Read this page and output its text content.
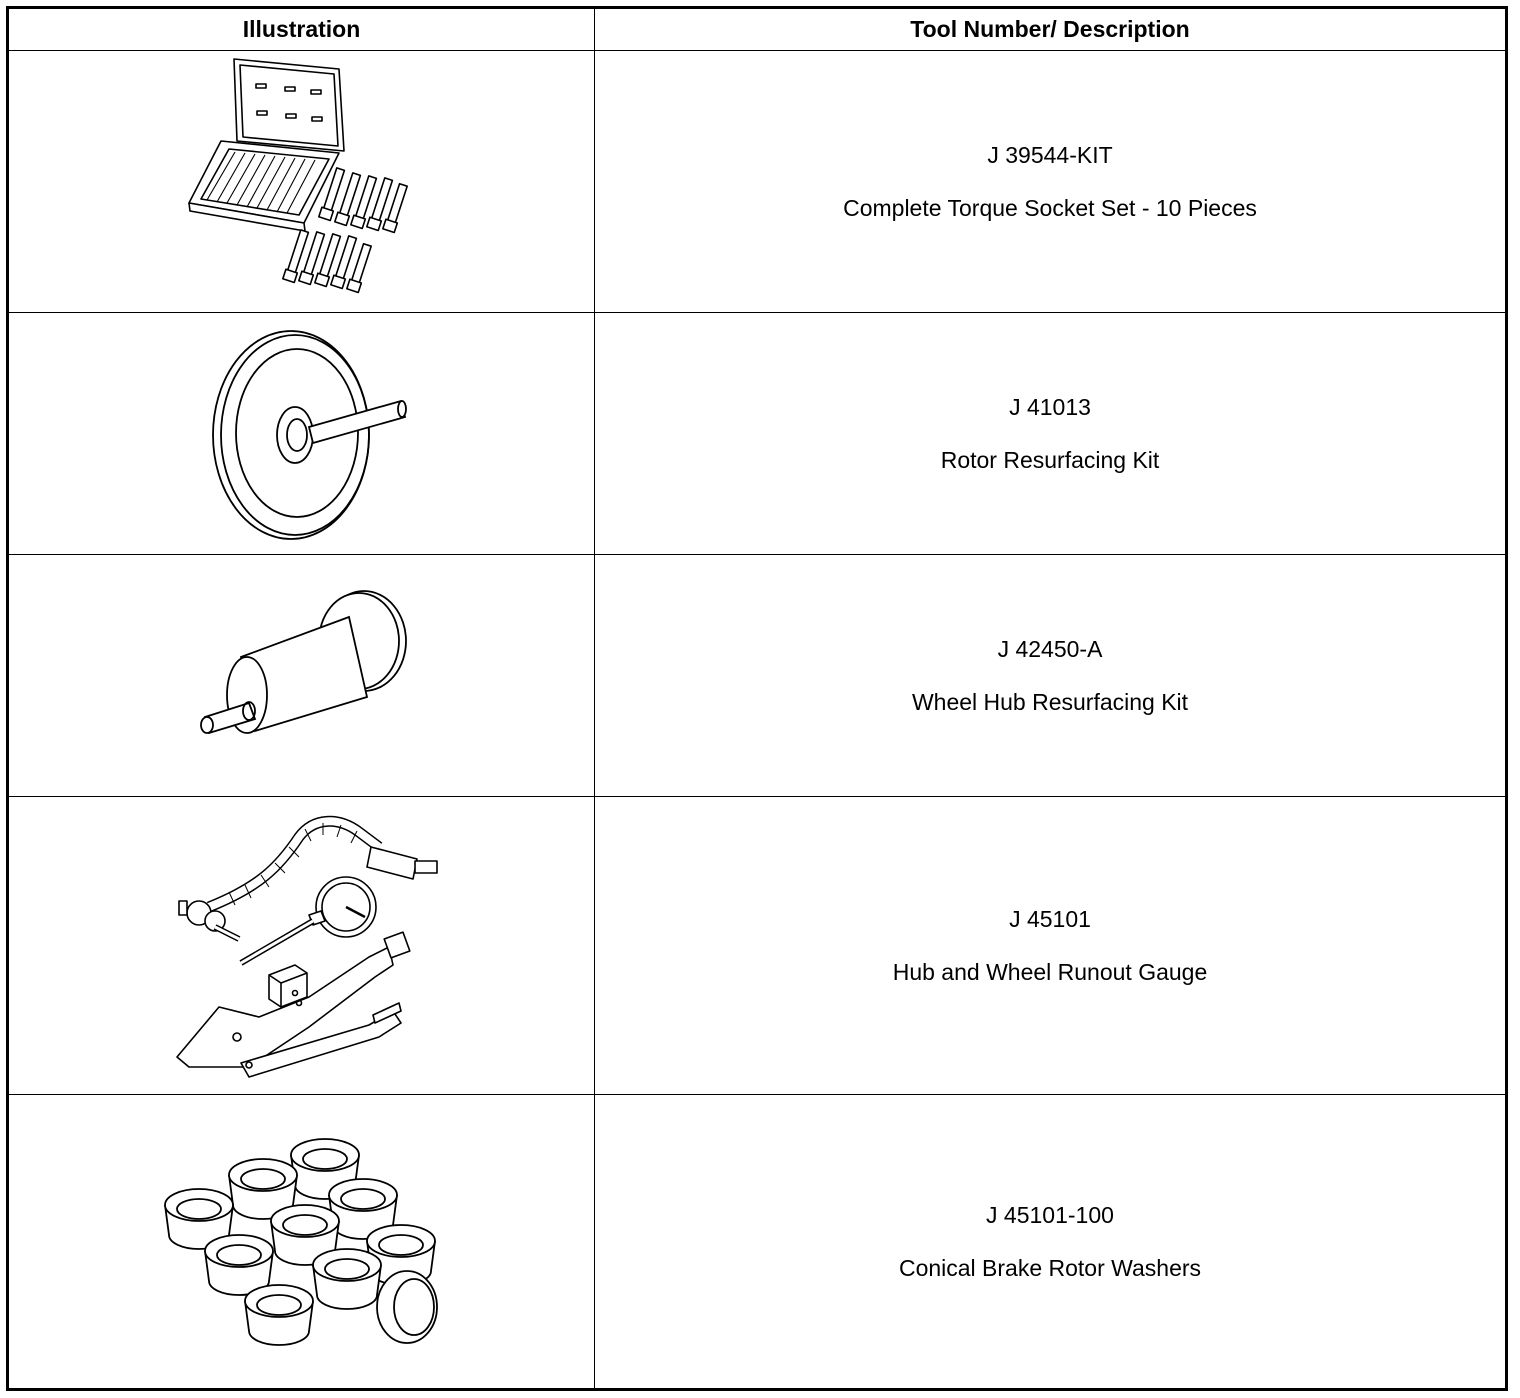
Illustration	Tool Number/ Description
J 39544-KIT
Complete Torque Socket Set - 10 Pieces
J 41013
Rotor Resurfacing Kit
J 42450-A
Wheel Hub Resurfacing Kit
J 45101
Hub and Wheel Runout Gauge
J 45101-100
Conical Brake Rotor Washers
